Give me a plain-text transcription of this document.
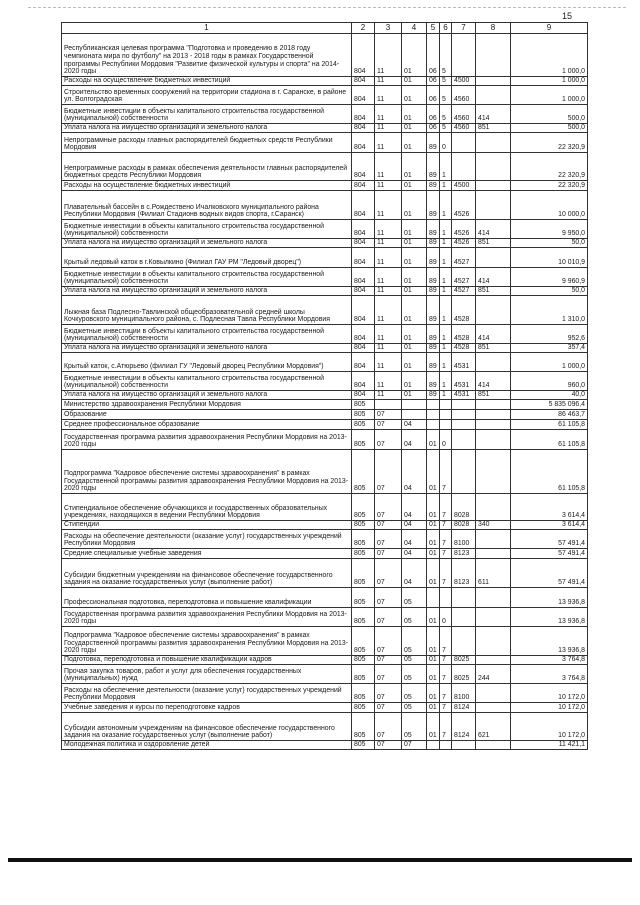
15
1	2	3	4	5	6	7	8	9
Республиканская целевая программа "Подготовка и проведению в 2018 году чемпионата мира по футболу" на 2013 - 2018 годы в рамках Государственной программы Республики Мордовия "Развитие физической культуры и спорта" на 2014-2020 годы	804	11	01	06	5			1 000,0
Расходы на осуществление бюджетных инвестиций	804	11	01	06	5	4500		1 000,0
Строительство временных сооружений на территории стадиона в г. Саранске, в районе ул. Волгоградская	804	11	01	06	5	4560		1 000,0
Бюджетные инвестиции в объекты капитального строительства государственной (муниципальной) собственности	804	11	01	06	5	4560	414	500,0
Уплата налога на имущество организаций и земельного налога	804	11	01	06	5	4560	851	500,0
Непрограммные расходы главных распорядителей бюджетных средств Республики Мордовия	804	11	01	89	0			22 320,9
Непрограммные расходы в рамках обеспечения деятельности главных распорядителей бюджетных средств Республики Мордовия	804	11	01	89	1			22 320,9
Расходы на осуществление бюджетных инвестиций	804	11	01	89	1	4500		22 320,9
Плавательный бассейн в с.Рождествено Ичалковского муниципального района Республики Мордовия (Филиал Стадионв водных видов спорта, г.Саранск)	804	11	01	89	1	4526		10 000,0
Бюджетные инвестиции в объекты капитального строительства государственной (муниципальной) собственности	804	11	01	89	1	4526	414	9 950,0
Уплата налога на имущество организаций и земельного налога	804	11	01	89	1	4526	851	50,0
Крытый ледовый каток в г.Ковылкино (Филиал ГАУ РМ "Ледовый дворец")	804	11	01	89	1	4527		10 010,9
Бюджетные инвестиции в объекты капитального строительства государственной (муниципальной) собственности	804	11	01	89	1	4527	414	9 960,9
Уплата налога на имущество организаций и земельного налога	804	11	01	89	1	4527	851	50,0
Лыжная база Подлесно-Тавлинской общеобразовательной средней школы Кочкуровского муниципального района, с. Подлесная Тавла Республики Мордовия	804	11	01	89	1	4528		1 310,0
Бюджетные инвестиции в объекты капитального строительства государственной (муниципальной) собственности	804	11	01	89	1	4528	414	952,6
Уплата налога на имущество организаций и земельного налога	804	11	01	89	1	4528	851	357,4
Крытый каток, с.Атюрьево (филиал ГУ "Ледовый дворец Республики Мордовия")	804	11	01	89	1	4531		1 000,0
Бюджетные инвестиции в объекты капитального строительства государственной (муниципальной) собственности	804	11	01	89	1	4531	414	960,0
Уплата налога на имущество организаций и земельного налога	804	11	01	89	1	4531	851	40,0
Министерство здравоохранения Республики Мордовия	805							5 835 096,4
Образование	805	07						86 463,7
Среднее профессиональное образование	805	07	04					61 105,8
Государственная программа развития здравоохранения Республики Мордовия на 2013-2020 годы	805	07	04	01	0			61 105,8
Подпрограмма "Кадровое обеспечение системы здравоохранения" в рамках Государственной программы развития здравоохранения Республики Мордовия на 2013-2020 годы	805	07	04	01	7			61 105,8
Стипендиальное обеспечение обучающихся и государственных образовательных учреждениях, находящихся в ведении Республики Мордовия	805	07	04	01	7	8028		3 614,4
Стипендии	805	07	04	01	7	8028	340	3 614,4
Расходы на обеспечение деятельности (оказание услуг) государственных учреждений Республики Мордовия	805	07	04	01	7	8100		57 491,4
Средние специальные учебные заведения	805	07	04	01	7	8123		57 491,4
Субсидии бюджетным учреждениям на финансовое обеспечение государственного задания на оказание государственных услуг (выполнение работ)	805	07	04	01	7	8123	611	57 491,4
Профессиональная подготовка, переподготовка и повышение квалификации	805	07	05					13 936,8
Государственная программа развития здравоохранения Республики Мордовия на 2013-2020 годы	805	07	05	01	0			13 936,8
Подпрограмма "Кадровое обеспечение системы здравоохранения" в рамках Государственной программы развития здравоохранения Республики Мордовия на 2013-2020 годы	805	07	05	01	7			13 936,8
Подготовка, переподготовка и повышение квалификации кадров	805	07	05	01	7	8025		3 764,8
Прочая закупка товаров, работ и услуг для обеспечения государственных (муниципальных) нужд	805	07	05	01	7	8025	244	3 764,8
Расходы на обеспечение деятельности (оказание услуг) государственных учреждений Республики Мордовия	805	07	05	01	7	8100		10 172,0
Учебные заведения и курсы по переподготовке кадров	805	07	05	01	7	8124		10 172,0
Субсидии автономным учреждениям на финансовое обеспечение государственного задания на оказание государственных услуг (выполнение работ)	805	07	05	01	7	8124	621	10 172,0
Молодежная политика и оздоровление детей	805	07	07					11 421,1
